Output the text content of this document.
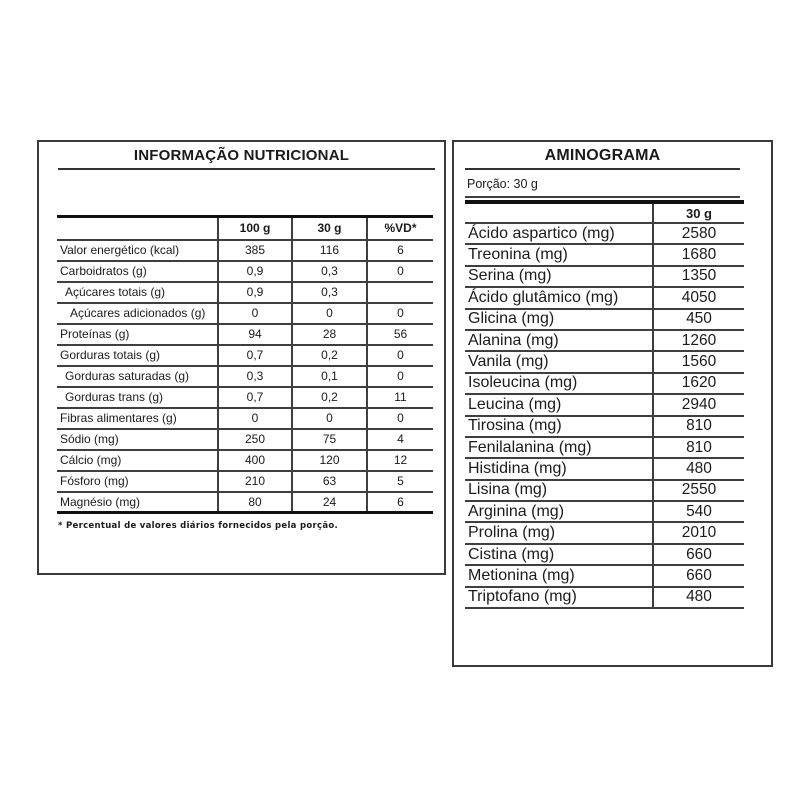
INFORMAÇÃO NUTRICIONAL
	100 g	30 g	%VD*
Valor energético (kcal)	385	116	6
Carboidratos (g)	0,9	0,3	0
Açúcares totais (g)	0,9	0,3	
Açúcares adicionados (g)	0	0	0
Proteínas (g)	94	28	56
Gorduras totais (g)	0,7	0,2	0
Gorduras saturadas (g)	0,3	0,1	0
Gorduras trans (g)	0,7	0,2	11
Fibras alimentares (g)	0	0	0
Sódio (mg)	250	75	4
Cálcio (mg)	400	120	12
Fósforo (mg)	210	63	5
Magnésio (mg)	80	24	6

* Percentual de valores diários fornecidos pela porção.

AMINOGRAMA
Porção: 30 g
	30 g
Ácido aspartico (mg)	2580
Treonina (mg)	1680
Serina (mg)	1350
Ácido glutâmico (mg)	4050
Glicina (mg)	450
Alanina (mg)	1260
Vanila (mg)	1560
Isoleucina (mg)	1620
Leucina (mg)	2940
Tirosina (mg)	810
Fenilalanina (mg)	810
Histidina (mg)	480
Lisina (mg)	2550
Arginina (mg)	540
Prolina (mg)	2010
Cistina (mg)	660
Metionina (mg)	660
Triptofano (mg)	480
